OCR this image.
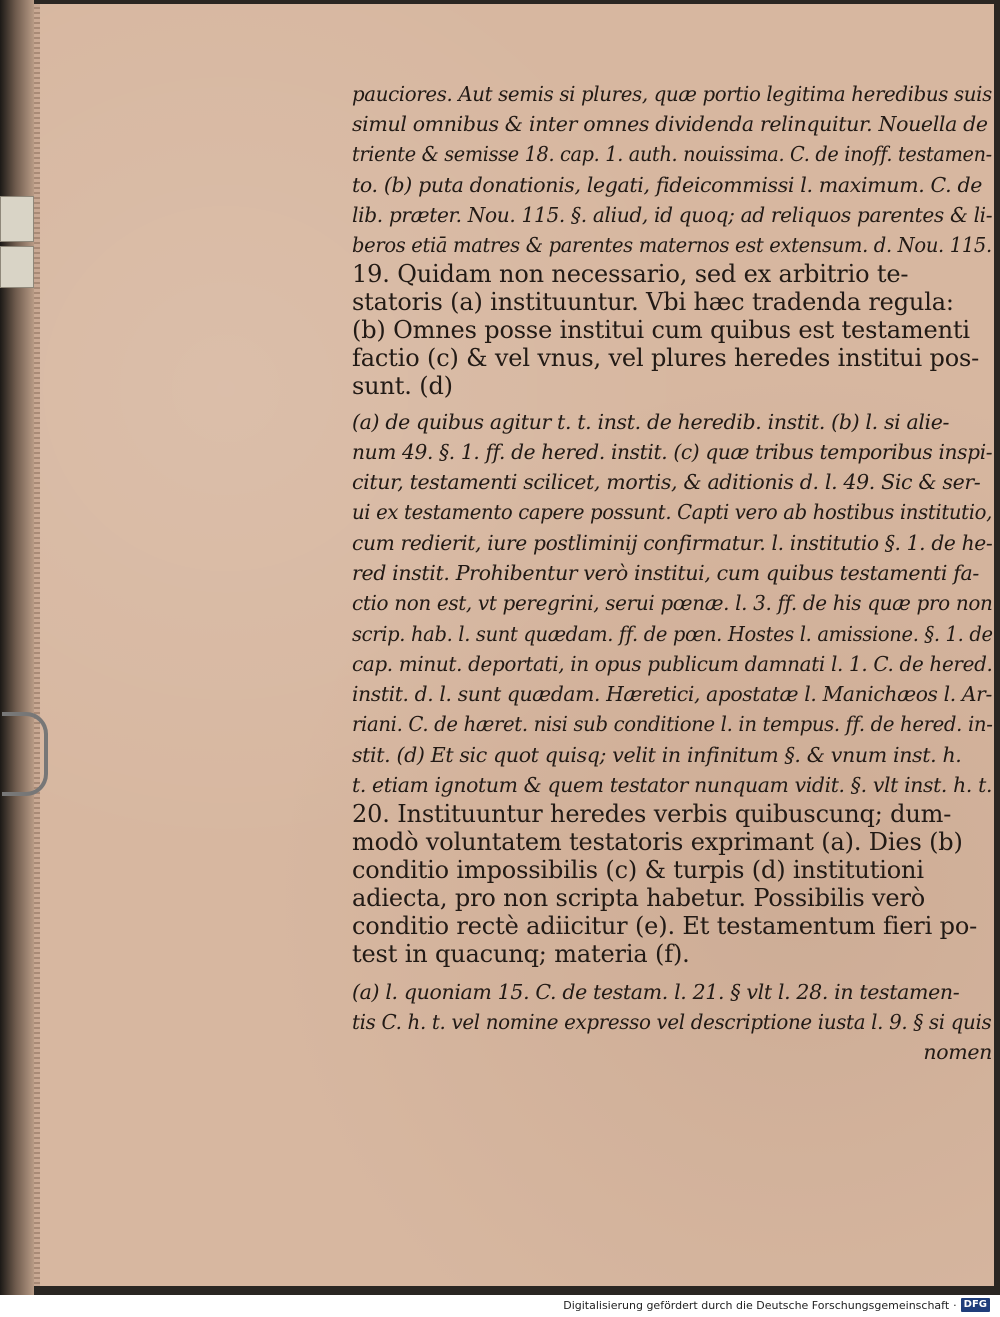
pauciores. Aut semis si plures, quæ portio legitima heredibus suis
simul omnibus & inter omnes dividenda relinquitur. Nouella de
triente & semisse 18. cap. 1. auth. nouissima. C. de inoff. testamen-
to. (b) puta donationis, legati, fideicommissi l. maximum. C. de
lib. præter. Nou. 115. §. aliud, id quoq; ad reliquos parentes & li-
beros etiā matres & parentes maternos est extensum. d. Nou. 115.
19. Quidam non necessario, sed ex arbitrio te-
statoris (a) instituuntur. Vbi hæc tradenda regula:
(b) Omnes posse institui cum quibus est testamenti
factio (c) & vel vnus, vel plures heredes institui pos-
sunt. (d)
(a) de quibus agitur t. t. inst. de heredib. instit. (b) l. si alie-
num 49. §. 1. ff. de hered. instit. (c) quæ tribus temporibus inspi-
citur, testamenti scilicet, mortis, & aditionis d. l. 49. Sic & ser-
ui ex testamento capere possunt. Capti vero ab hostibus institutio,
cum redierit, iure postliminij confirmatur. l. institutio §. 1. de he-
red instit. Prohibentur verò institui, cum quibus testamenti fa-
ctio non est, vt peregrini, serui pœnæ. l. 3. ff. de his quæ pro non
scrip. hab. l. sunt quædam. ff. de pœn. Hostes l. amissione. §. 1. de
cap. minut. deportati, in opus publicum damnati l. 1. C. de hered.
instit. d. l. sunt quædam. Hæretici, apostatæ l. Manichæos l. Ar-
riani. C. de hæret. nisi sub conditione l. in tempus. ff. de hered. in-
stit. (d) Et sic quot quisq; velit in infinitum §. & vnum inst. h.
t. etiam ignotum & quem testator nunquam vidit. §. vlt inst. h. t.
20. Instituuntur heredes verbis quibuscunq; dum-
modò voluntatem testatoris exprimant (a). Dies (b)
conditio impossibilis (c) & turpis (d) institutioni
adiecta, pro non scripta habetur. Possibilis verò
conditio rectè adiicitur (e). Et testamentum fieri po-
test in quacunq; materia (f).
(a) l. quoniam 15. C. de testam. l. 21. § vlt l. 28. in testamen-
tis C. h. t. vel nomine expresso vel descriptione iusta l. 9. § si quis
nomen
Digitalisierung gefördert durch die Deutsche Forschungsgemeinschaft · DFG
